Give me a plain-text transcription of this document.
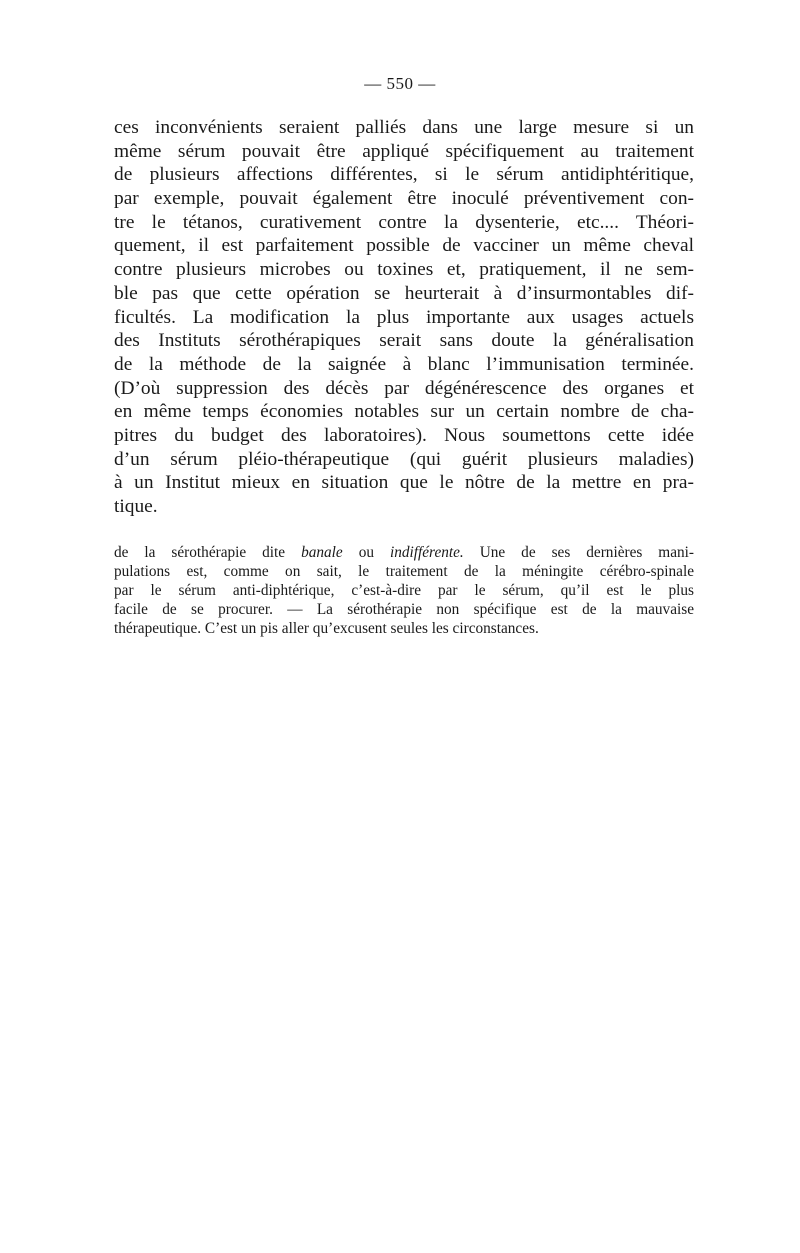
— 550 —
ces inconvénients seraient palliés dans une large mesure si un
même sérum pouvait être appliqué spécifiquement au traitement
de plusieurs affections différentes, si le sérum antidiphtéritique,
par exemple, pouvait également être inoculé préventivement con-
tre le tétanos, curativement contre la dysenterie, etc.... Théori-
quement, il est parfaitement possible de vacciner un même cheval
contre plusieurs microbes ou toxines et, pratiquement, il ne sem-
ble pas que cette opération se heurterait à d’insurmontables dif-
ficultés. La modification la plus importante aux usages actuels
des Instituts sérothérapiques serait sans doute la généralisation
de la méthode de la saignée à blanc l’immunisation terminée.
(D’où suppression des décès par dégénérescence des organes et
en même temps économies notables sur un certain nombre de cha-
pitres du budget des laboratoires). Nous soumettons cette idée
d’un sérum pléio-thérapeutique (qui guérit plusieurs maladies)
à un Institut mieux en situation que le nôtre de la mettre en pra-
tique.
de la sérothérapie dite banale ou indifférente. Une de ses dernières mani-
pulations est, comme on sait, le traitement de la méningite cérébro-spinale
par le sérum anti-diphtérique, c’est-à-dire par le sérum, qu’il est le plus
facile de se procurer. — La sérothérapie non spécifique est de la mauvaise
thérapeutique. C’est un pis aller qu’excusent seules les circonstances.
